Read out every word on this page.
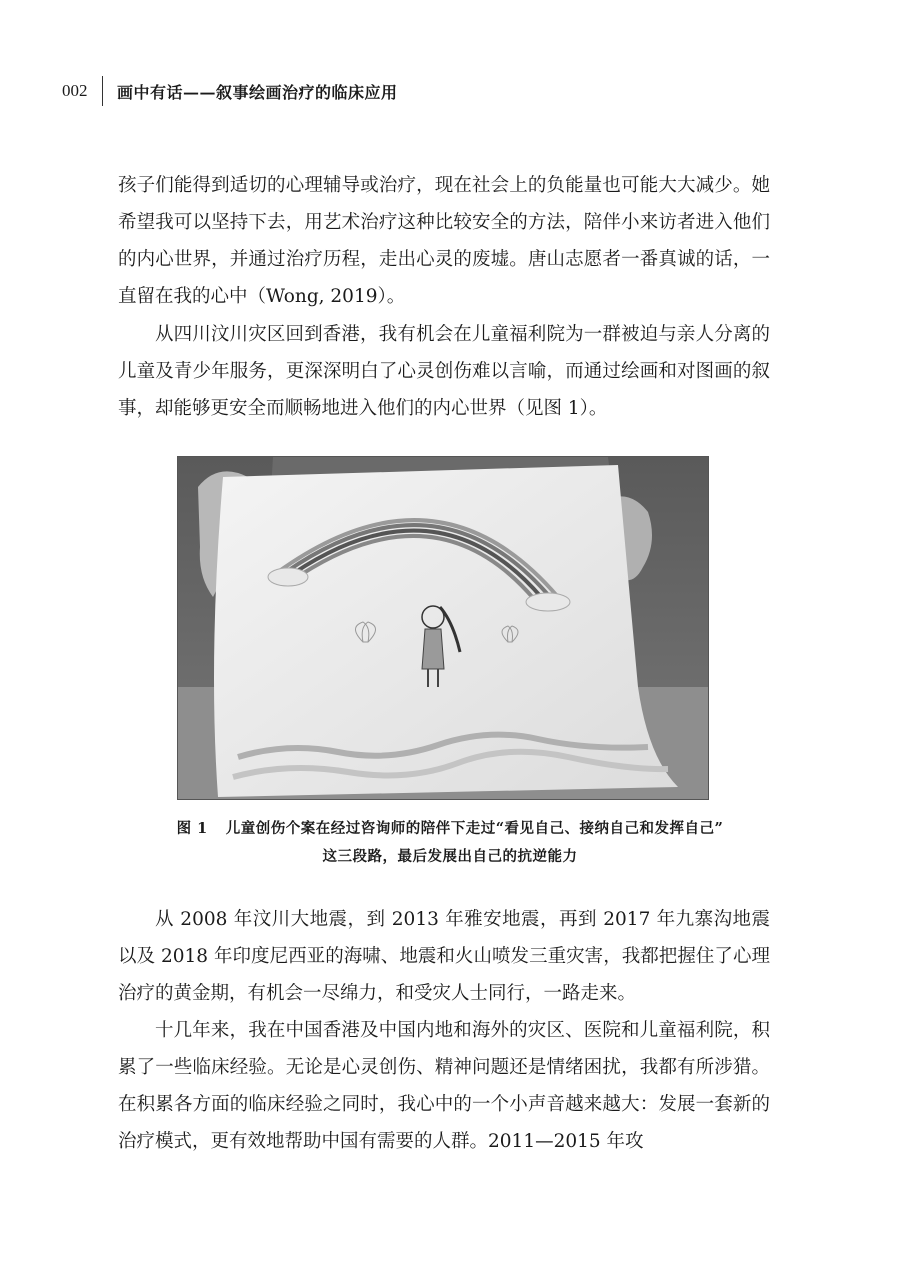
002 画中有话——叙事绘画治疗的临床应用

孩子们能得到适切的心理辅导或治疗，现在社会上的负能量也可能大大减少。她希望我可以坚持下去，用艺术治疗这种比较安全的方法，陪伴小来访者进入他们的内心世界，并通过治疗历程，走出心灵的废墟。唐山志愿者一番真诚的话，一直留在我的心中（Wong, 2019）。

从四川汶川灾区回到香港，我有机会在儿童福利院为一群被迫与亲人分离的儿童及青少年服务，更深深明白了心灵创伤难以言喻，而通过绘画和对图画的叙事，却能够更安全而顺畅地进入他们的内心世界（见图 1）。

图 1 儿童创伤个案在经过咨询师的陪伴下走过“看见自己、接纳自己和发挥自己”

这三段路，最后发展出自己的抗逆能力

从 2008 年汶川大地震，到 2013 年雅安地震，再到 2017 年九寨沟地震以及 2018 年印度尼西亚的海啸、地震和火山喷发三重灾害，我都把握住了心理治疗的黄金期，有机会一尽绵力，和受灾人士同行，一路走来。

十几年来，我在中国香港及中国内地和海外的灾区、医院和儿童福利院，积累了一些临床经验。无论是心灵创伤、精神问题还是情绪困扰，我都有所涉猎。在积累各方面的临床经验之同时，我心中的一个小声音越来越大：发展一套新的治疗模式，更有效地帮助中国有需要的人群。2011—2015 年攻
